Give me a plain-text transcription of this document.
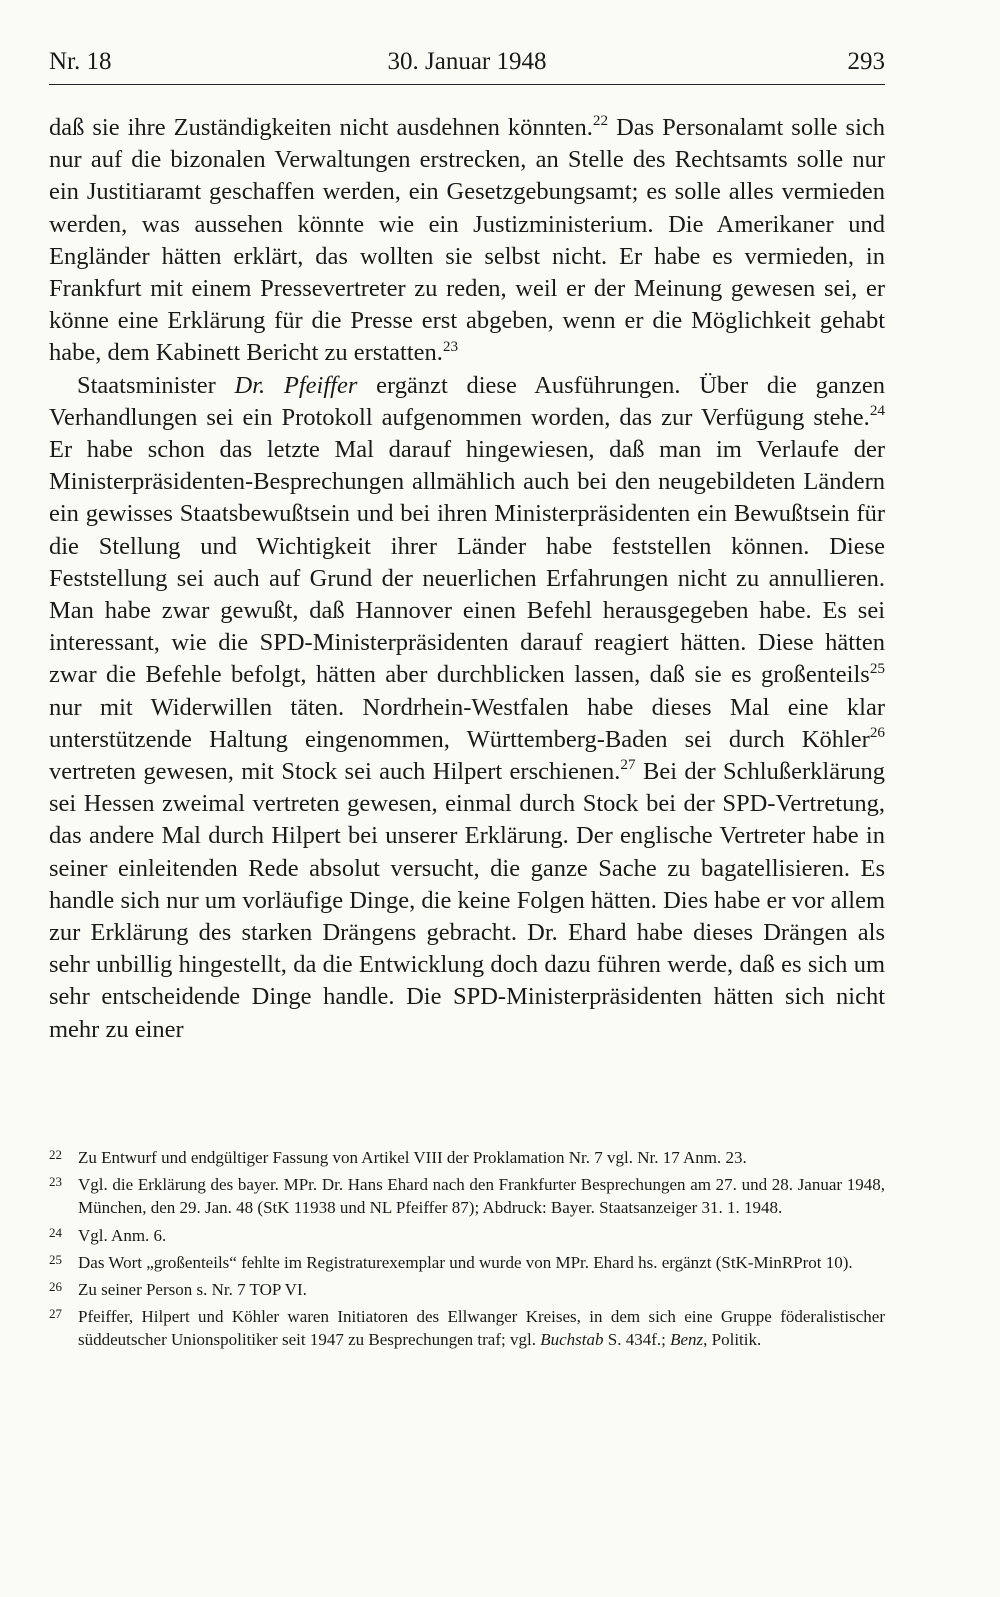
Nr. 18	30. Januar 1948	293

daß sie ihre Zuständigkeiten nicht ausdehnen könnten.$^{22}$ Das Personalamt solle sich nur auf die bizonalen Verwaltungen erstrecken, an Stelle des Rechtsamts solle nur ein Justitiaramt geschaffen werden, ein Gesetzgebungsamt; es solle alles vermieden werden, was aussehen könnte wie ein Justizministerium. Die Amerikaner und Engländer hätten erklärt, das wollten sie selbst nicht. Er habe es vermieden, in Frankfurt mit einem Pressevertreter zu reden, weil er der Meinung gewesen sei, er könne eine Erklärung für die Presse erst abgeben, wenn er die Möglichkeit gehabt habe, dem Kabinett Bericht zu erstatten.$^{23}$

Staatsminister Dr. Pfeiffer ergänzt diese Ausführungen. Über die ganzen Verhandlungen sei ein Protokoll aufgenommen worden, das zur Verfügung stehe.$^{24}$ Er habe schon das letzte Mal darauf hingewiesen, daß man im Verlaufe der Ministerpräsidenten-Besprechungen allmählich auch bei den neugebildeten Ländern ein gewisses Staatsbewußtsein und bei ihren Ministerpräsidenten ein Bewußtsein für die Stellung und Wichtigkeit ihrer Länder habe feststellen können. Diese Feststellung sei auch auf Grund der neuerlichen Erfahrungen nicht zu annullieren. Man habe zwar gewußt, daß Hannover einen Befehl herausgegeben habe. Es sei interessant, wie die SPD-Ministerpräsidenten darauf reagiert hätten. Diese hätten zwar die Befehle befolgt, hätten aber durchblicken lassen, daß sie es großenteils$^{25}$ nur mit Widerwillen täten. Nordrhein-Westfalen habe dieses Mal eine klar unterstützende Haltung eingenommen, Württemberg-Baden sei durch Köhler$^{26}$ vertreten gewesen, mit Stock sei auch Hilpert erschienen.$^{27}$ Bei der Schlußerklärung sei Hessen zweimal vertreten gewesen, einmal durch Stock bei der SPD-Vertretung, das andere Mal durch Hilpert bei unserer Erklärung. Der englische Vertreter habe in seiner einleitenden Rede absolut versucht, die ganze Sache zu bagatellisieren. Es handle sich nur um vorläufige Dinge, die keine Folgen hätten. Dies habe er vor allem zur Erklärung des starken Drängens gebracht. Dr. Ehard habe dieses Drängen als sehr unbillig hingestellt, da die Entwicklung doch dazu führen werde, daß es sich um sehr entscheidende Dinge handle. Die SPD-Ministerpräsidenten hätten sich nicht mehr zu einer

22 Zu Entwurf und endgültiger Fassung von Artikel VIII der Proklamation Nr. 7 vgl. Nr. 17 Anm. 23.
23 Vgl. die Erklärung des bayer. MPr. Dr. Hans Ehard nach den Frankfurter Besprechungen am 27. und 28. Januar 1948, München, den 29. Jan. 48 (StK 11938 und NL Pfeiffer 87); Abdruck: Bayer. Staatsanzeiger 31. 1. 1948.
24 Vgl. Anm. 6.
25 Das Wort „großenteils“ fehlte im Registraturexemplar und wurde von MPr. Ehard hs. ergänzt (StK-MinRProt 10).
26 Zu seiner Person s. Nr. 7 TOP VI.
27 Pfeiffer, Hilpert und Köhler waren Initiatoren des Ellwanger Kreises, in dem sich eine Gruppe föderalistischer süddeutscher Unionspolitiker seit 1947 zu Besprechungen traf; vgl. Buchstab S. 434f.; Benz, Politik.
